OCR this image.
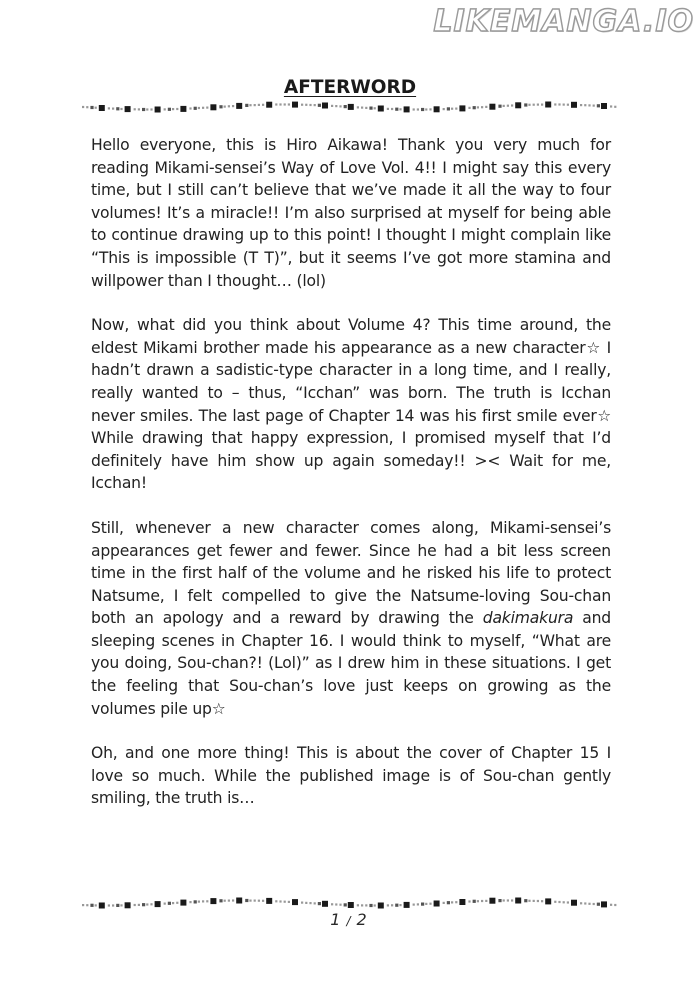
LIKEMANGA.IO
AFTERWORD

Hello everyone, this is Hiro Aikawa! Thank you very much for reading Mikami-sensei’s Way of Love Vol. 4!! I might say this every time, but I still can’t believe that we’ve made it all the way to four volumes! It’s a miracle!! I’m also surprised at myself for being able to continue drawing up to this point! I thought I might complain like “This is impossible (T T)”, but it seems I’ve got more stamina and willpower than I thought… (lol)

Now, what did you think about Volume 4? This time around, the eldest Mikami brother made his appearance as a new character☆ I hadn’t drawn a sadistic-type character in a long time, and I really, really wanted to – thus, “Icchan” was born. The truth is Icchan never smiles. The last page of Chapter 14 was his first smile ever☆ While drawing that happy expression, I promised myself that I’d definitely have him show up again someday!! >< Wait for me, Icchan!

Still, whenever a new character comes along, Mikami-sensei’s appearances get fewer and fewer. Since he had a bit less screen time in the first half of the volume and he risked his life to protect Natsume, I felt compelled to give the Natsume-loving Sou-chan both an apology and a reward by drawing the dakimakura and sleeping scenes in Chapter 16. I would think to myself, “What are you doing, Sou-chan?! (Lol)” as I drew him in these situations. I get the feeling that Sou-chan’s love just keeps on growing as the volumes pile up☆

Oh, and one more thing! This is about the cover of Chapter 15 I love so much. While the published image is of Sou-chan gently smiling, the truth is…

1 / 2
